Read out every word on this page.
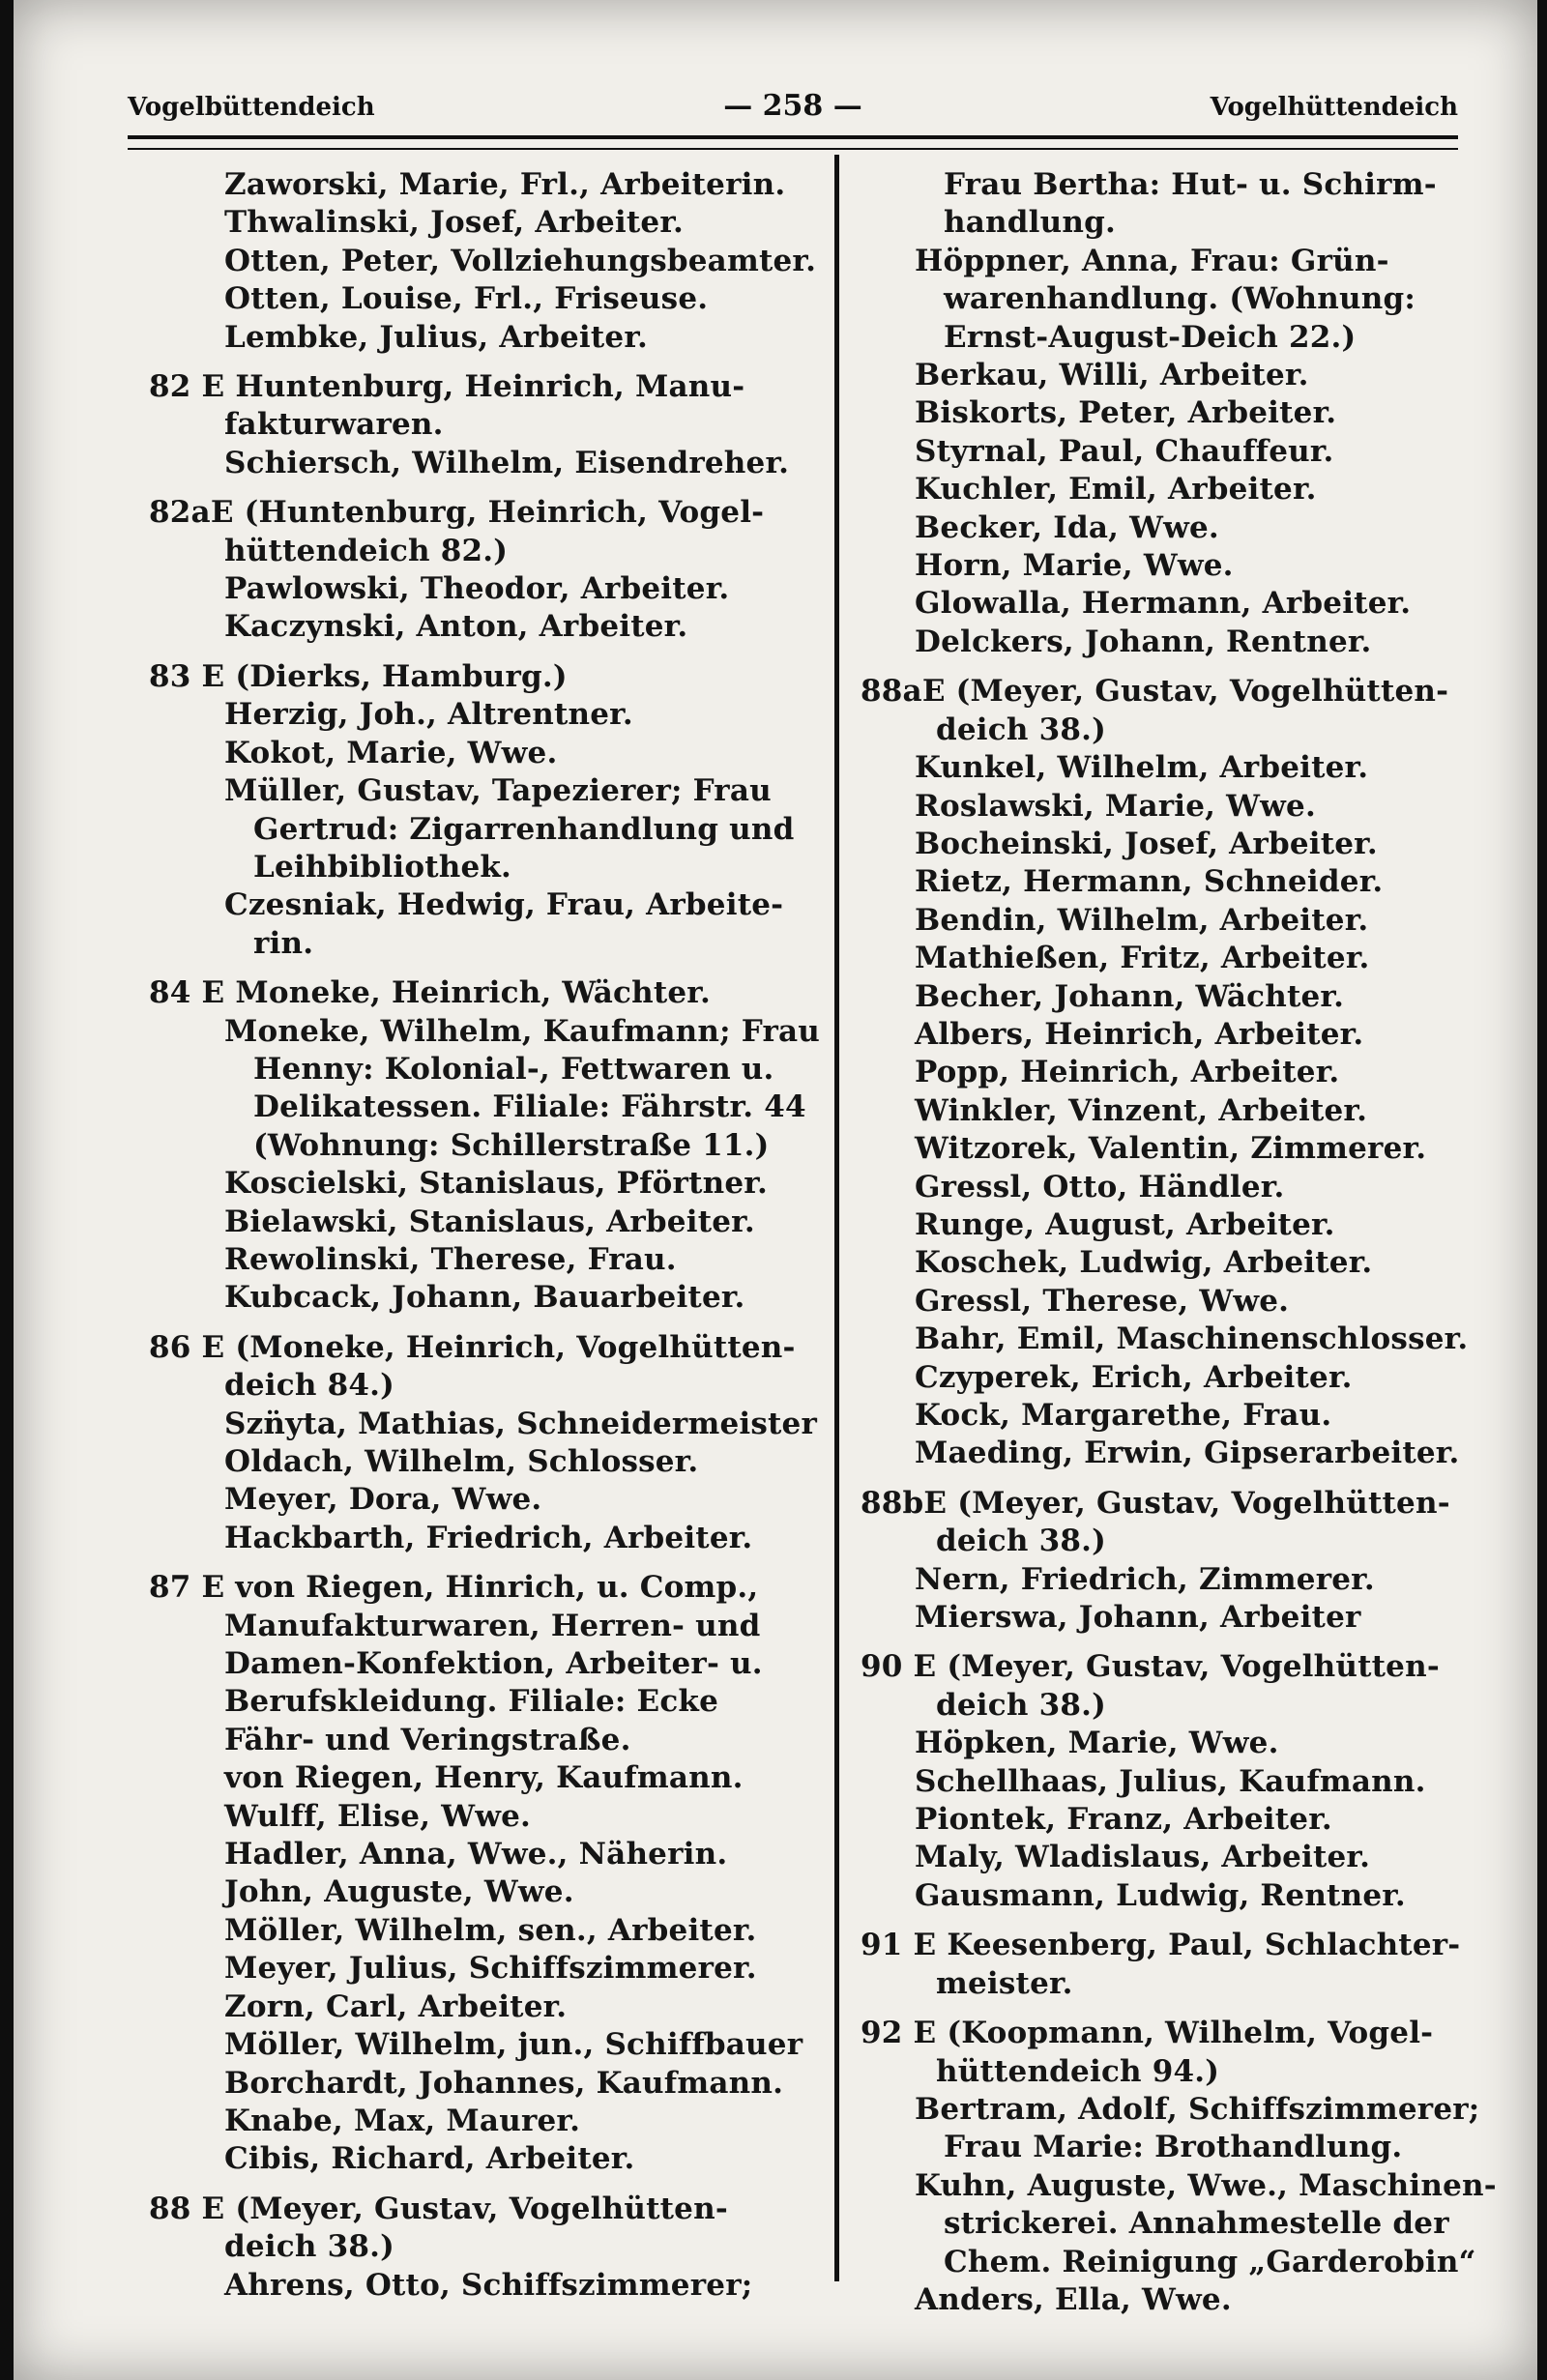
Vogelbüttendeich	— 258 —	Vogelhüttendeich

Zaworski, Marie, Frl., Arbeiterin.

Thwalinski, Josef, Arbeiter.

Otten, Peter, Vollziehungsbeamter.

Otten, Louise, Frl., Friseuse.

Lembke, Julius, Arbeiter.

82 E Huntenburg, Heinrich, Manu-

fakturwaren.

Schiersch, Wilhelm, Eisendreher.

82aE (Huntenburg, Heinrich, Vogel-

hüttendeich 82.)

Pawlowski, Theodor, Arbeiter.

Kaczynski, Anton, Arbeiter.

83 E (Dierks, Hamburg.)

Herzig, Joh., Altrentner.

Kokot, Marie, Wwe.

Müller, Gustav, Tapezierer; Frau

Gertrud: Zigarrenhandlung und

Leihbibliothek.

Czesniak, Hedwig, Frau, Arbeite-

rin.

84 E Moneke, Heinrich, Wächter.

Moneke, Wilhelm, Kaufmann; Frau

Henny: Kolonial-, Fettwaren u.

Delikatessen. Filiale: Fährstr. 44

(Wohnung: Schillerstraße 11.)

Koscielski, Stanislaus, Pförtner.

Bielawski, Stanislaus, Arbeiter.

Rewolinski, Therese, Frau.

Kubcack, Johann, Bauarbeiter.

86 E (Moneke, Heinrich, Vogelhütten-

deich 84.)

Szn̈yta, Mathias, Schneidermeister

Oldach, Wilhelm, Schlosser.

Meyer, Dora, Wwe.

Hackbarth, Friedrich, Arbeiter.

87 E von Riegen, Hinrich, u. Comp.,

Manufakturwaren, Herren- und

Damen-Konfektion, Arbeiter- u.

Berufskleidung. Filiale: Ecke

Fähr- und Veringstraße.

von Riegen, Henry, Kaufmann.

Wulff, Elise, Wwe.

Hadler, Anna, Wwe., Näherin.

John, Auguste, Wwe.

Möller, Wilhelm, sen., Arbeiter.

Meyer, Julius, Schiffszimmerer.

Zorn, Carl, Arbeiter.

Möller, Wilhelm, jun., Schiffbauer

Borchardt, Johannes, Kaufmann.

Knabe, Max, Maurer.

Cibis, Richard, Arbeiter.

88 E (Meyer, Gustav, Vogelhütten-

deich 38.)

Ahrens, Otto, Schiffszimmerer;

Frau Bertha: Hut- u. Schirm-

handlung.

Höppner, Anna, Frau: Grün-

warenhandlung. (Wohnung:

Ernst-August-Deich 22.)

Berkau, Willi, Arbeiter.

Biskorts, Peter, Arbeiter.

Styrnal, Paul, Chauffeur.

Kuchler, Emil, Arbeiter.

Becker, Ida, Wwe.

Horn, Marie, Wwe.

Glowalla, Hermann, Arbeiter.

Delckers, Johann, Rentner.

88aE (Meyer, Gustav, Vogelhütten-

deich 38.)

Kunkel, Wilhelm, Arbeiter.

Roslawski, Marie, Wwe.

Bocheinski, Josef, Arbeiter.

Rietz, Hermann, Schneider.

Bendin, Wilhelm, Arbeiter.

Mathießen, Fritz, Arbeiter.

Becher, Johann, Wächter.

Albers, Heinrich, Arbeiter.

Popp, Heinrich, Arbeiter.

Winkler, Vinzent, Arbeiter.

Witzorek, Valentin, Zimmerer.

Gressl, Otto, Händler.

Runge, August, Arbeiter.

Koschek, Ludwig, Arbeiter.

Gressl, Therese, Wwe.

Bahr, Emil, Maschinenschlosser.

Czyperek, Erich, Arbeiter.

Kock, Margarethe, Frau.

Maeding, Erwin, Gipserarbeiter.

88bE (Meyer, Gustav, Vogelhütten-

deich 38.)

Nern, Friedrich, Zimmerer.

Mierswa, Johann, Arbeiter

90 E (Meyer, Gustav, Vogelhütten-

deich 38.)

Höpken, Marie, Wwe.

Schellhaas, Julius, Kaufmann.

Piontek, Franz, Arbeiter.

Maly, Wladislaus, Arbeiter.

Gausmann, Ludwig, Rentner.

91 E Keesenberg, Paul, Schlachter-

meister.

92 E (Koopmann, Wilhelm, Vogel-

hüttendeich 94.)

Bertram, Adolf, Schiffszimmerer;

Frau Marie: Brothandlung.

Kuhn, Auguste, Wwe., Maschinen-

strickerei. Annahmestelle der

Chem. Reinigung „Garderobin“

Anders, Ella, Wwe.
